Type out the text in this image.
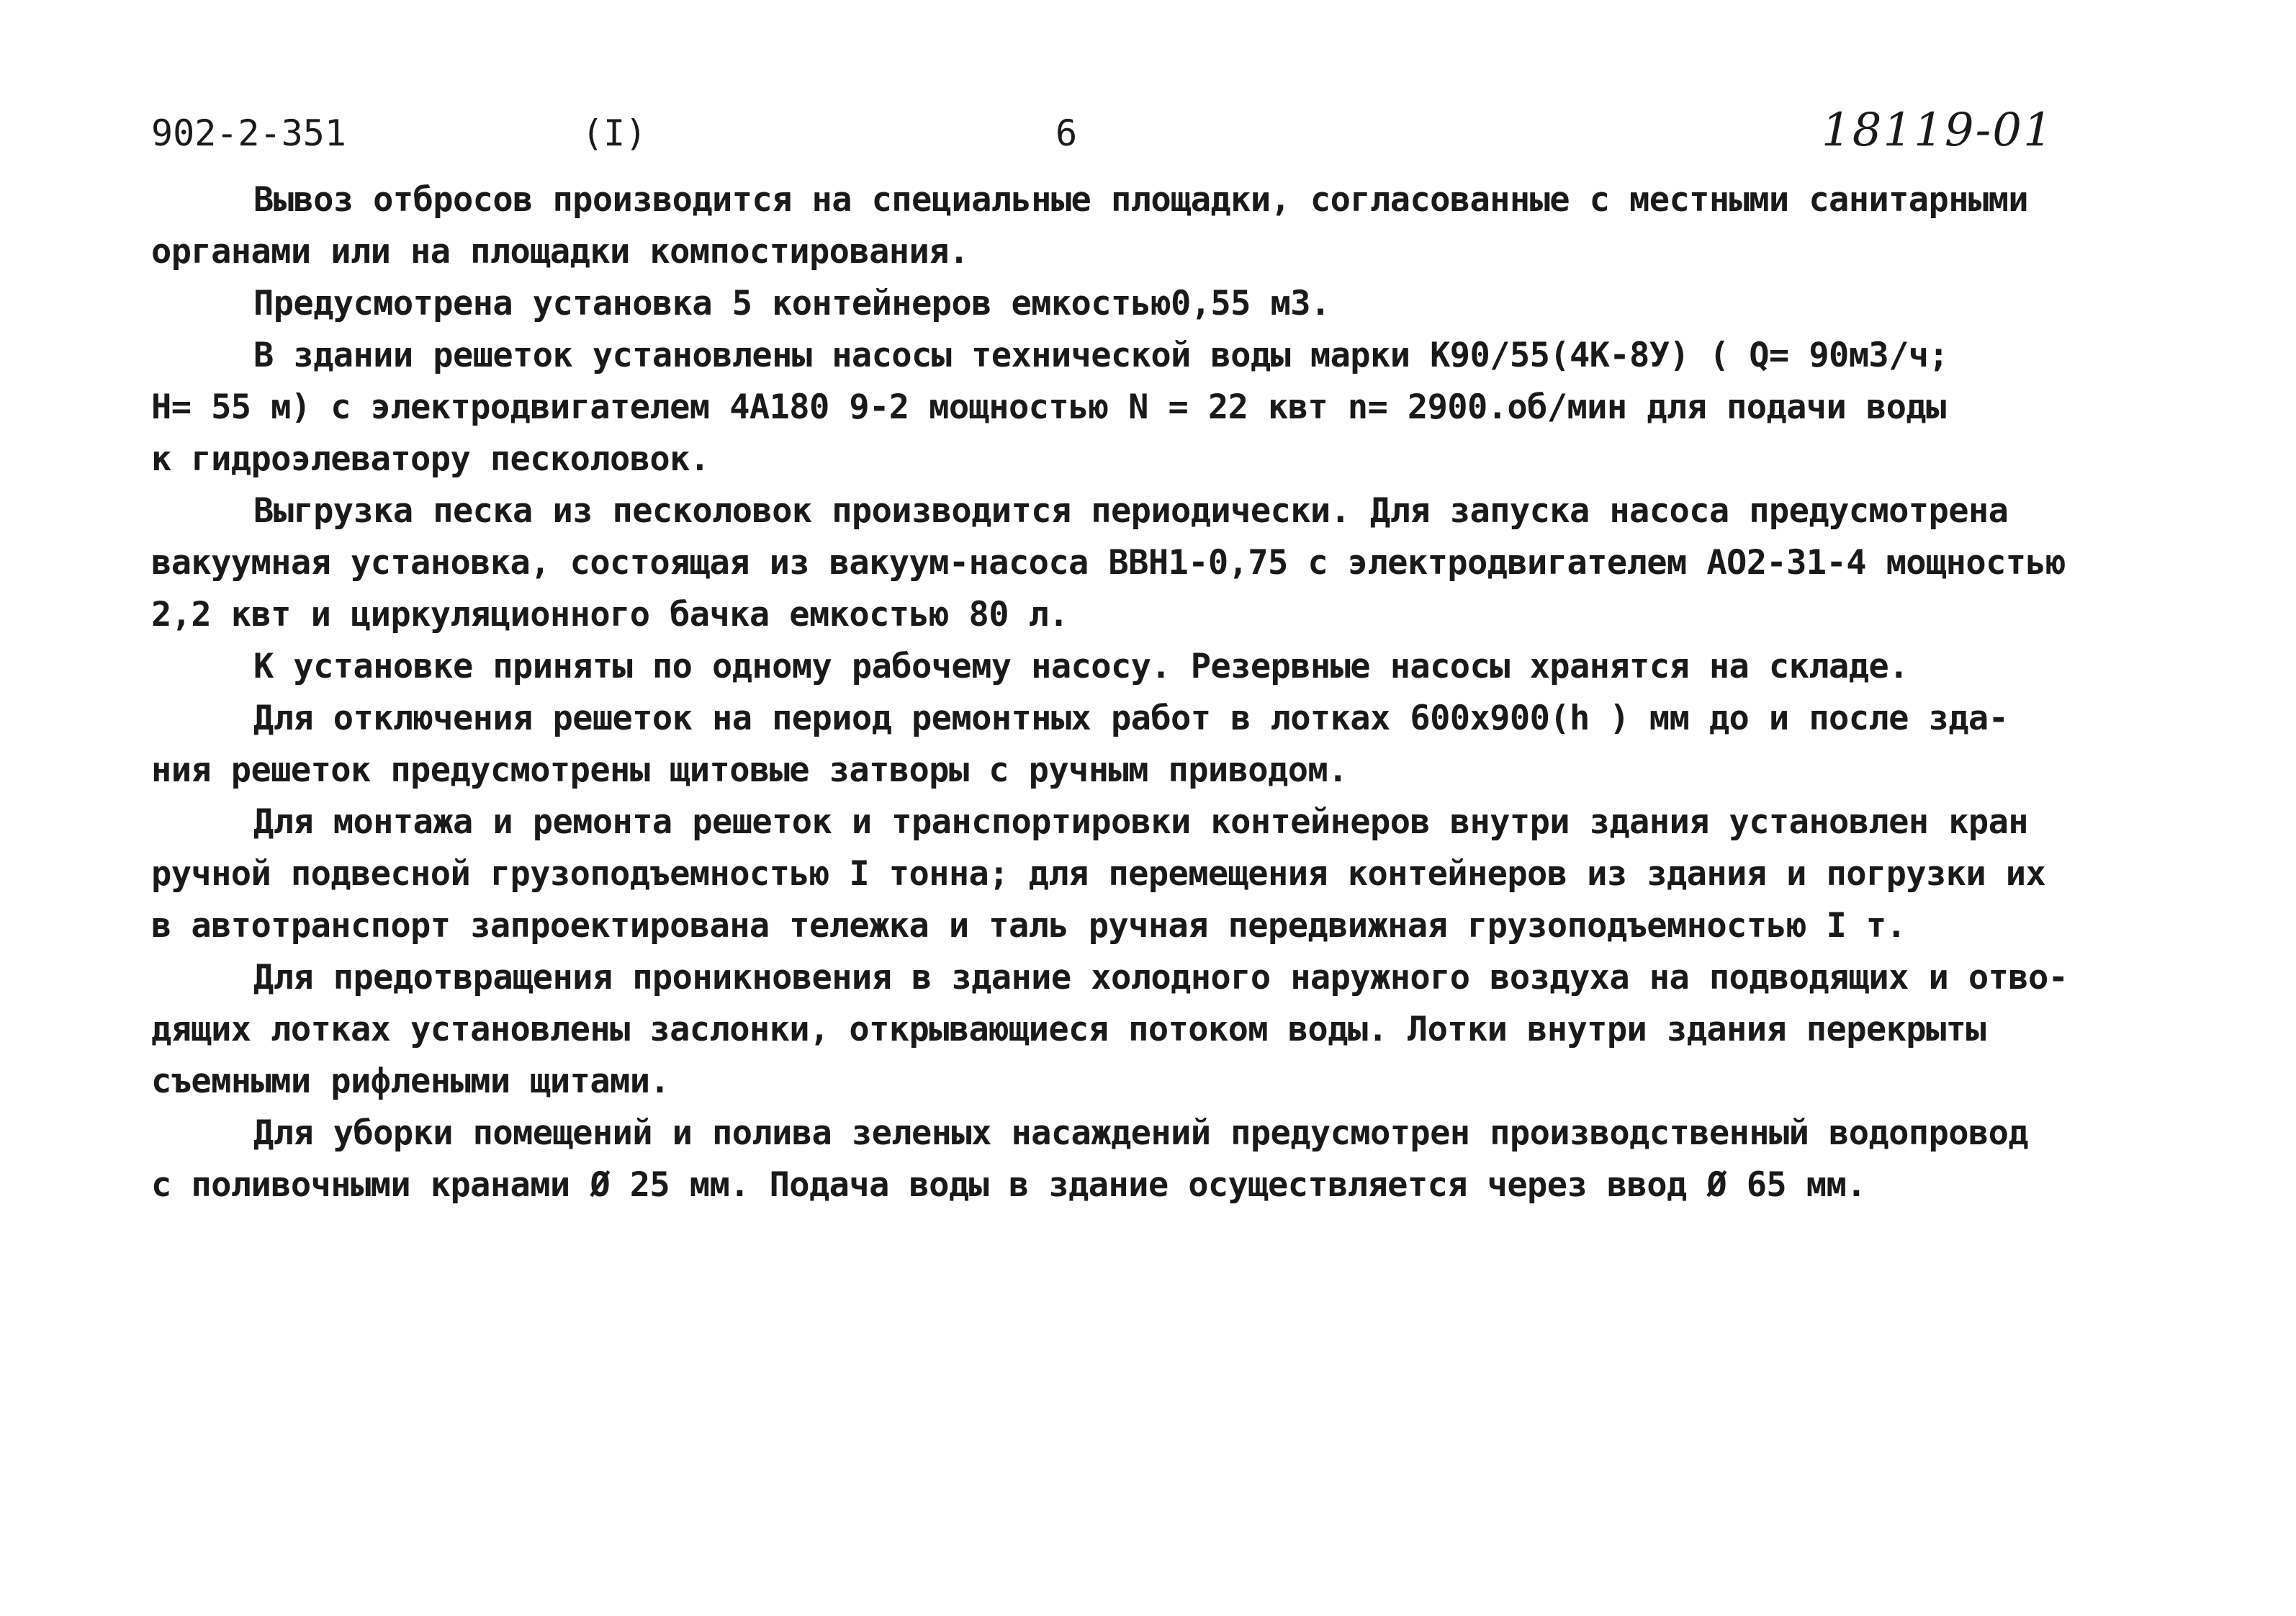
902-2-351	(I)	6	18119-01

Вывоз отбросов производится на специальные площадки, согласованные с местными санитарными
органами или на площадки компостирования.

Предусмотрена установка 5 контейнеров емкостью0,55 м3.

В здании решеток установлены насосы технической воды марки К90/55(4К-8У) ( Q= 90м3/ч;
H= 55 м) с электродвигателем 4А180 9-2 мощностью N = 22 квт n= 2900.об/мин для подачи воды
к гидроэлеватору песколовок.

Выгрузка песка из песколовок производится периодически. Для запуска насоса предусмотрена
вакуумная установка, состоящая из вакуум-насоса ВВН1-0,75 с электродвигателем АО2-31-4 мощностью
2,2 квт и циркуляционного бачка емкостью 80 л.

К установке приняты по одному рабочему насосу. Резервные насосы хранятся на складе.

Для отключения решеток на период ремонтных работ в лотках 600х900(h ) мм до и после зда-
ния решеток предусмотрены щитовые затворы с ручным приводом.

Для монтажа и ремонта решеток и транспортировки контейнеров внутри здания установлен кран
ручной подвесной грузоподъемностью I тонна; для перемещения контейнеров из здания и погрузки их
в автотранспорт запроектирована тележка и таль ручная передвижная грузоподъемностью I т.

Для предотвращения проникновения в здание холодного наружного воздуха на подводящих и отво-
дящих лотках установлены заслонки, открывающиеся потоком воды. Лотки внутри здания перекрыты
съемными рифлеными щитами.

Для уборки помещений и полива зеленых насаждений предусмотрен производственный водопровод
с поливочными кранами Ø 25 мм. Подача воды в здание осуществляется через ввод Ø 65 мм.
